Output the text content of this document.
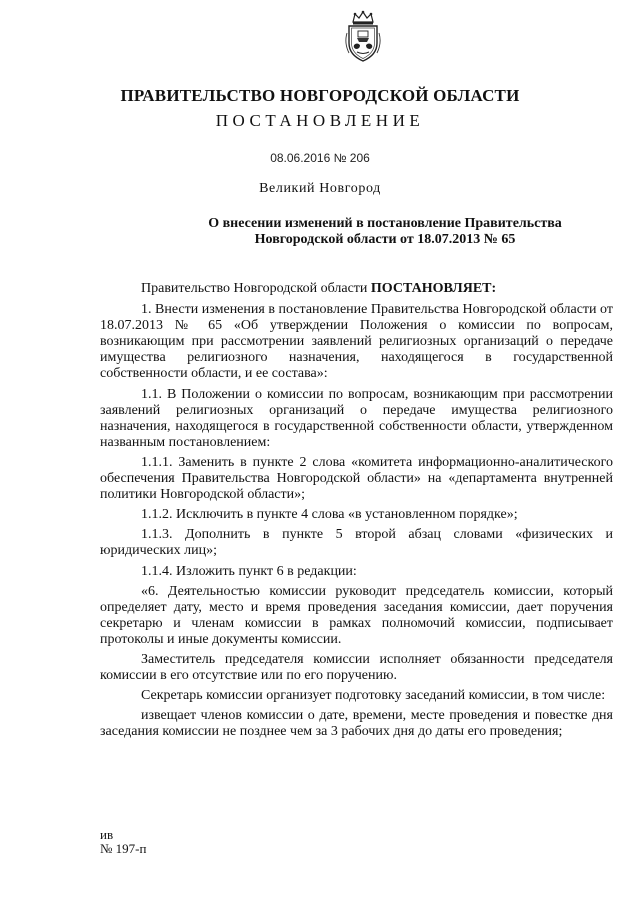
ПРАВИТЕЛЬСТВО НОВГОРОДСКОЙ ОБЛАСТИ
ПОСТАНОВЛЕНИЕ
08.06.2016 № 206
Великий Новгород
О внесении изменений в постановление Правительства
Новгородской области от 18.07.2013 № 65

Правительство Новгородской области ПОСТАНОВЛЯЕТ:

1. Внести изменения в постановление Правительства Новгородской области от 18.07.2013 № 65 «Об утверждении Положения о комиссии по вопросам, возникающим при рассмотрении заявлений религиозных организаций о передаче имущества религиозного назначения, находящегося в государственной собственности области, и ее состава»:

1.1. В Положении о комиссии по вопросам, возникающим при рассмотрении заявлений религиозных организаций о передаче имущества религиозного назначения, находящегося в государственной собственности области, утвержденном названным постановлением:

1.1.1. Заменить в пункте 2 слова «комитета информационно-аналитического обеспечения Правительства Новгородской области» на «департамента внутренней политики Новгородской области»;

1.1.2. Исключить в пункте 4 слова «в установленном порядке»;

1.1.3. Дополнить в пункте 5 второй абзац словами «физических и юридических лиц»;

1.1.4. Изложить пункт 6 в редакции:

«6. Деятельностью комиссии руководит председатель комиссии, который определяет дату, место и время проведения заседания комиссии, дает поручения секретарю и членам комиссии в рамках полномочий комиссии, подписывает протоколы и иные документы комиссии.

Заместитель председателя комиссии исполняет обязанности председателя комиссии в его отсутствие или по его поручению.

Секретарь комиссии организует подготовку заседаний комиссии, в том числе:

извещает членов комиссии о дате, времени, месте проведения и повестке дня заседания комиссии не позднее чем за 3 рабочих дня до даты его проведения;

ив
№ 197-п
